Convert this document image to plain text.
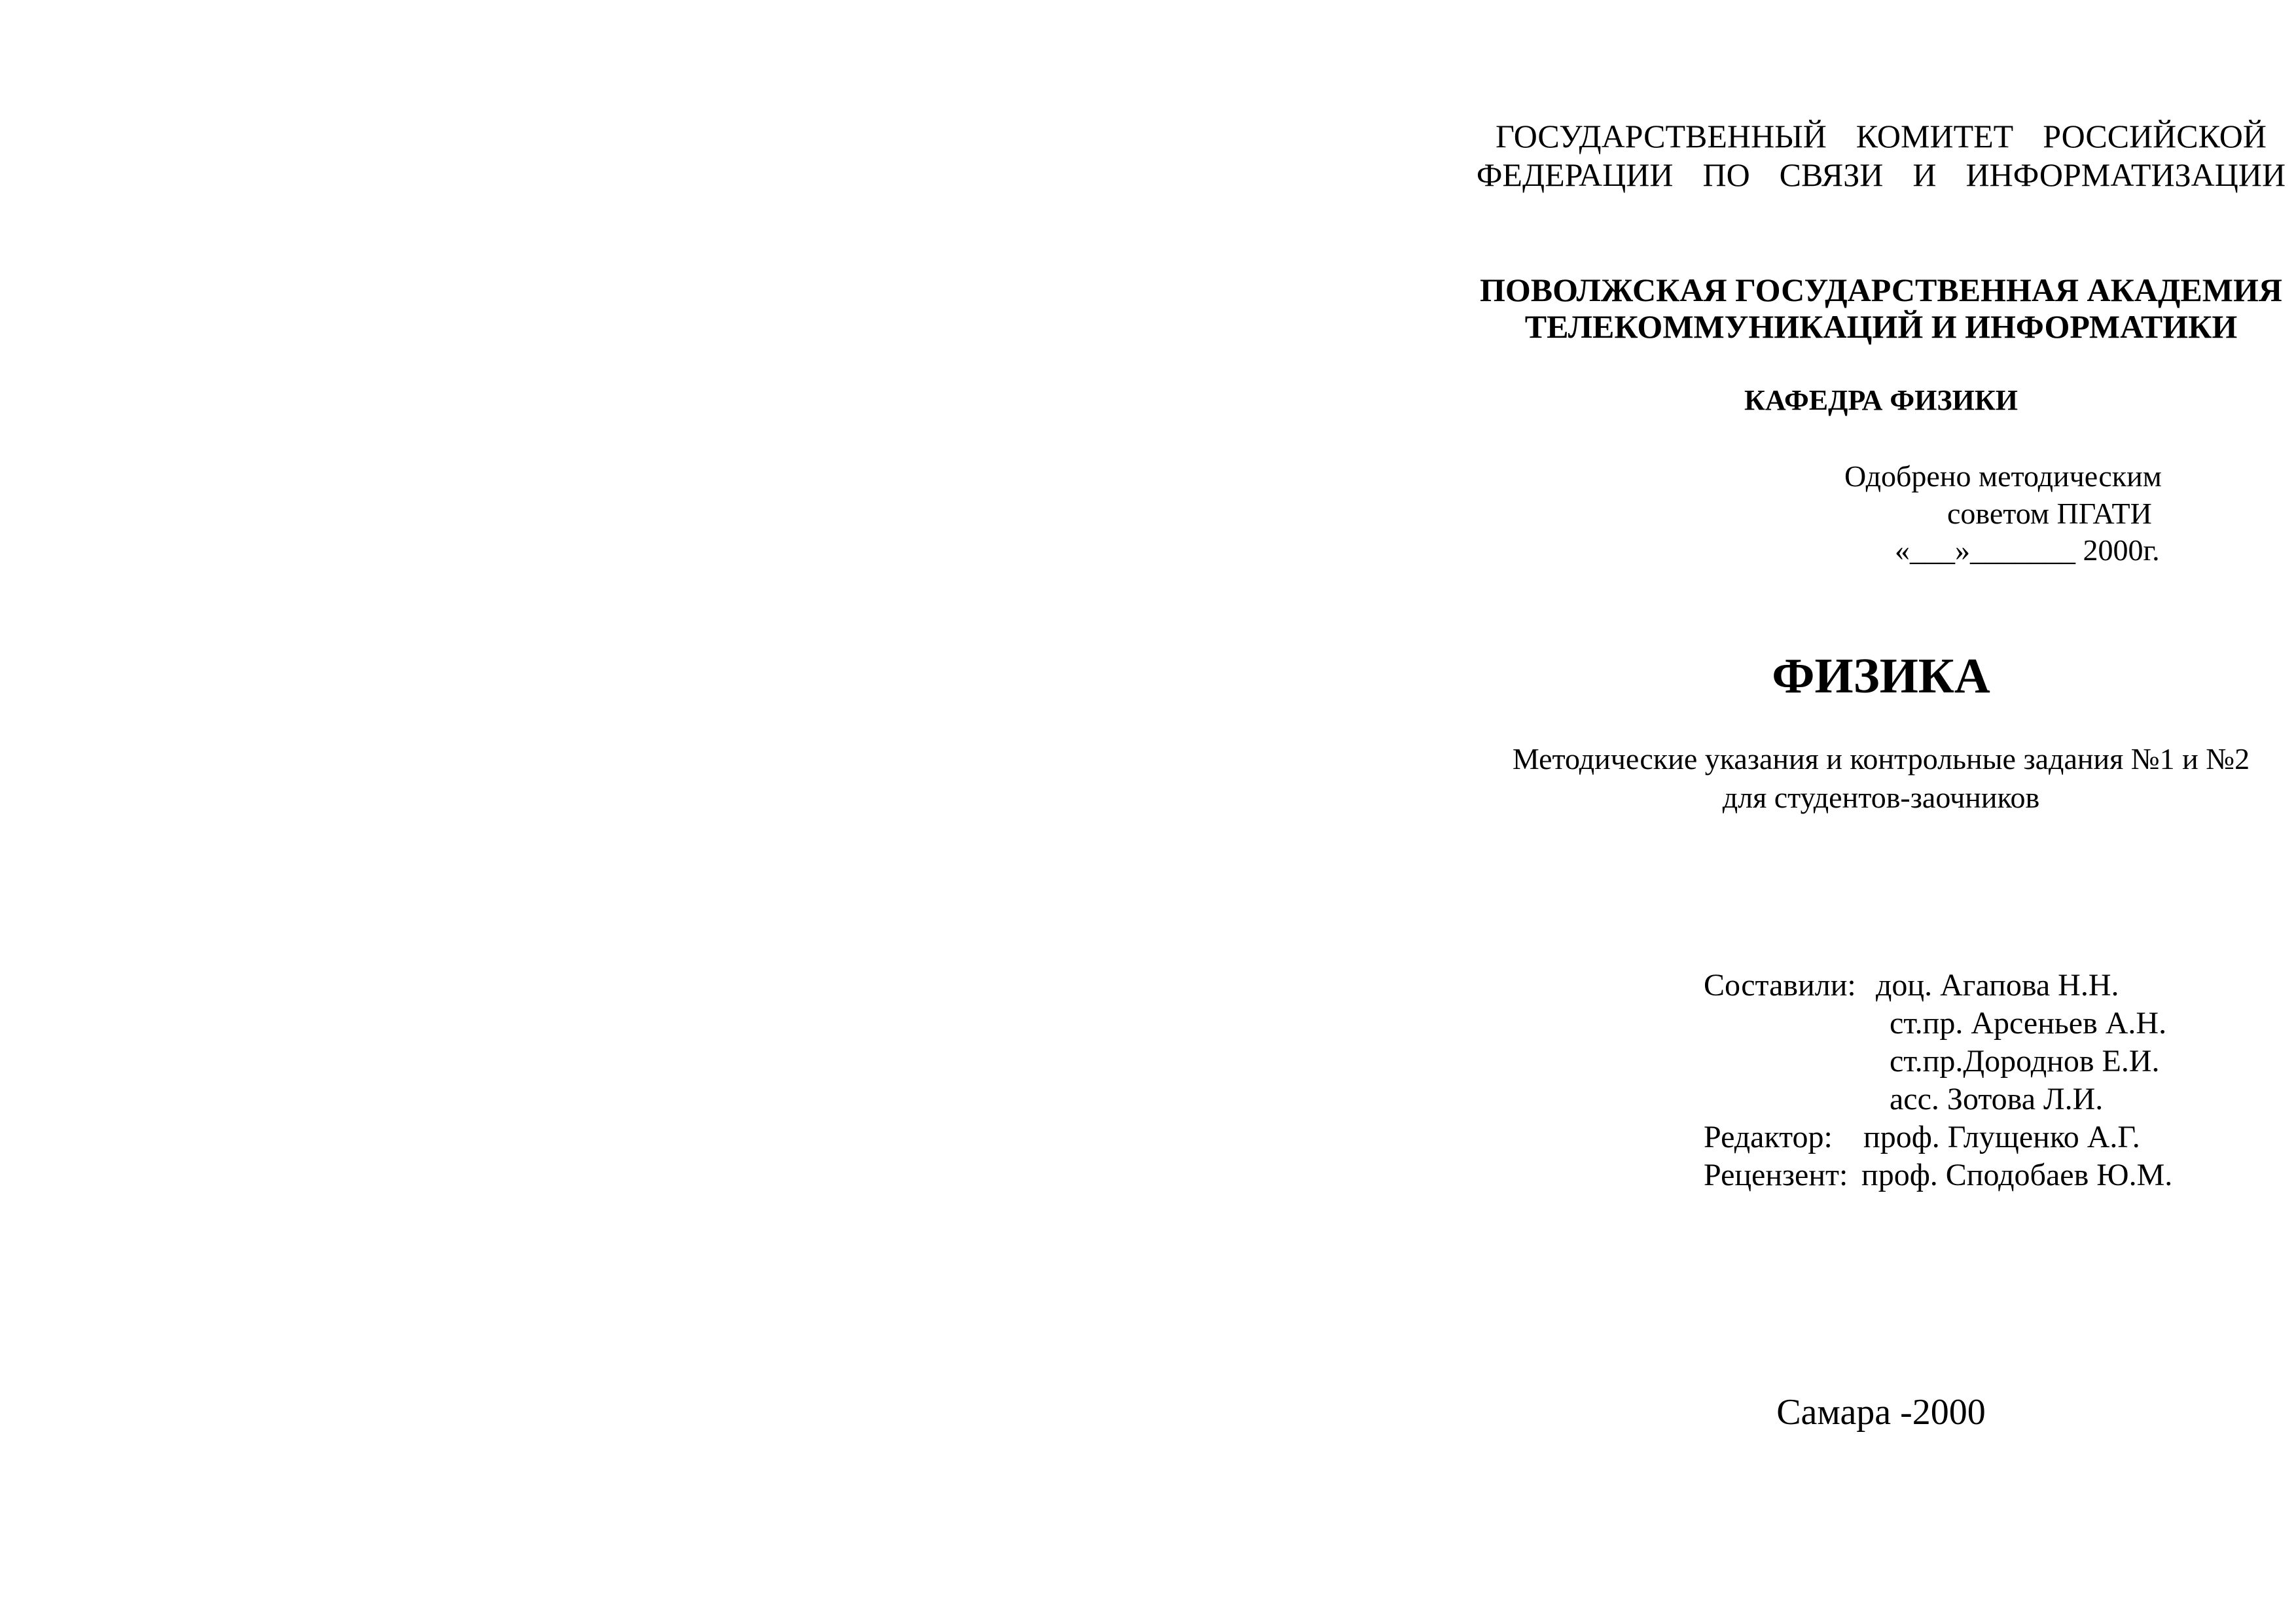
ГОСУДАРСТВЕННЫЙ  КОМИТЕТ  РОССИЙСКОЙ
ФЕДЕРАЦИИ  ПО  СВЯЗИ  И  ИНФОРМАТИЗАЦИИ
ПОВОЛЖСКАЯ ГОСУДАРСТВЕННАЯ АКАДЕМИЯ
ТЕЛЕКОММУНИКАЦИЙ И ИНФОРМАТИКИ
КАФЕДРА ФИЗИКИ
Одобрено методическим
советом ПГАТИ
«___»_______ 2000г.
ФИЗИКА
Методические указания и контрольные задания №1 и №2
для студентов-заочников
Составили: доц. Агапова Н.Н.
ст.пр. Арсеньев А.Н.
ст.пр.Дороднов Е.И.
асс. Зотова Л.И.
Редактор: проф. Глущенко А.Г.
Рецензент: проф. Сподобаев Ю.М.
Самара -2000
